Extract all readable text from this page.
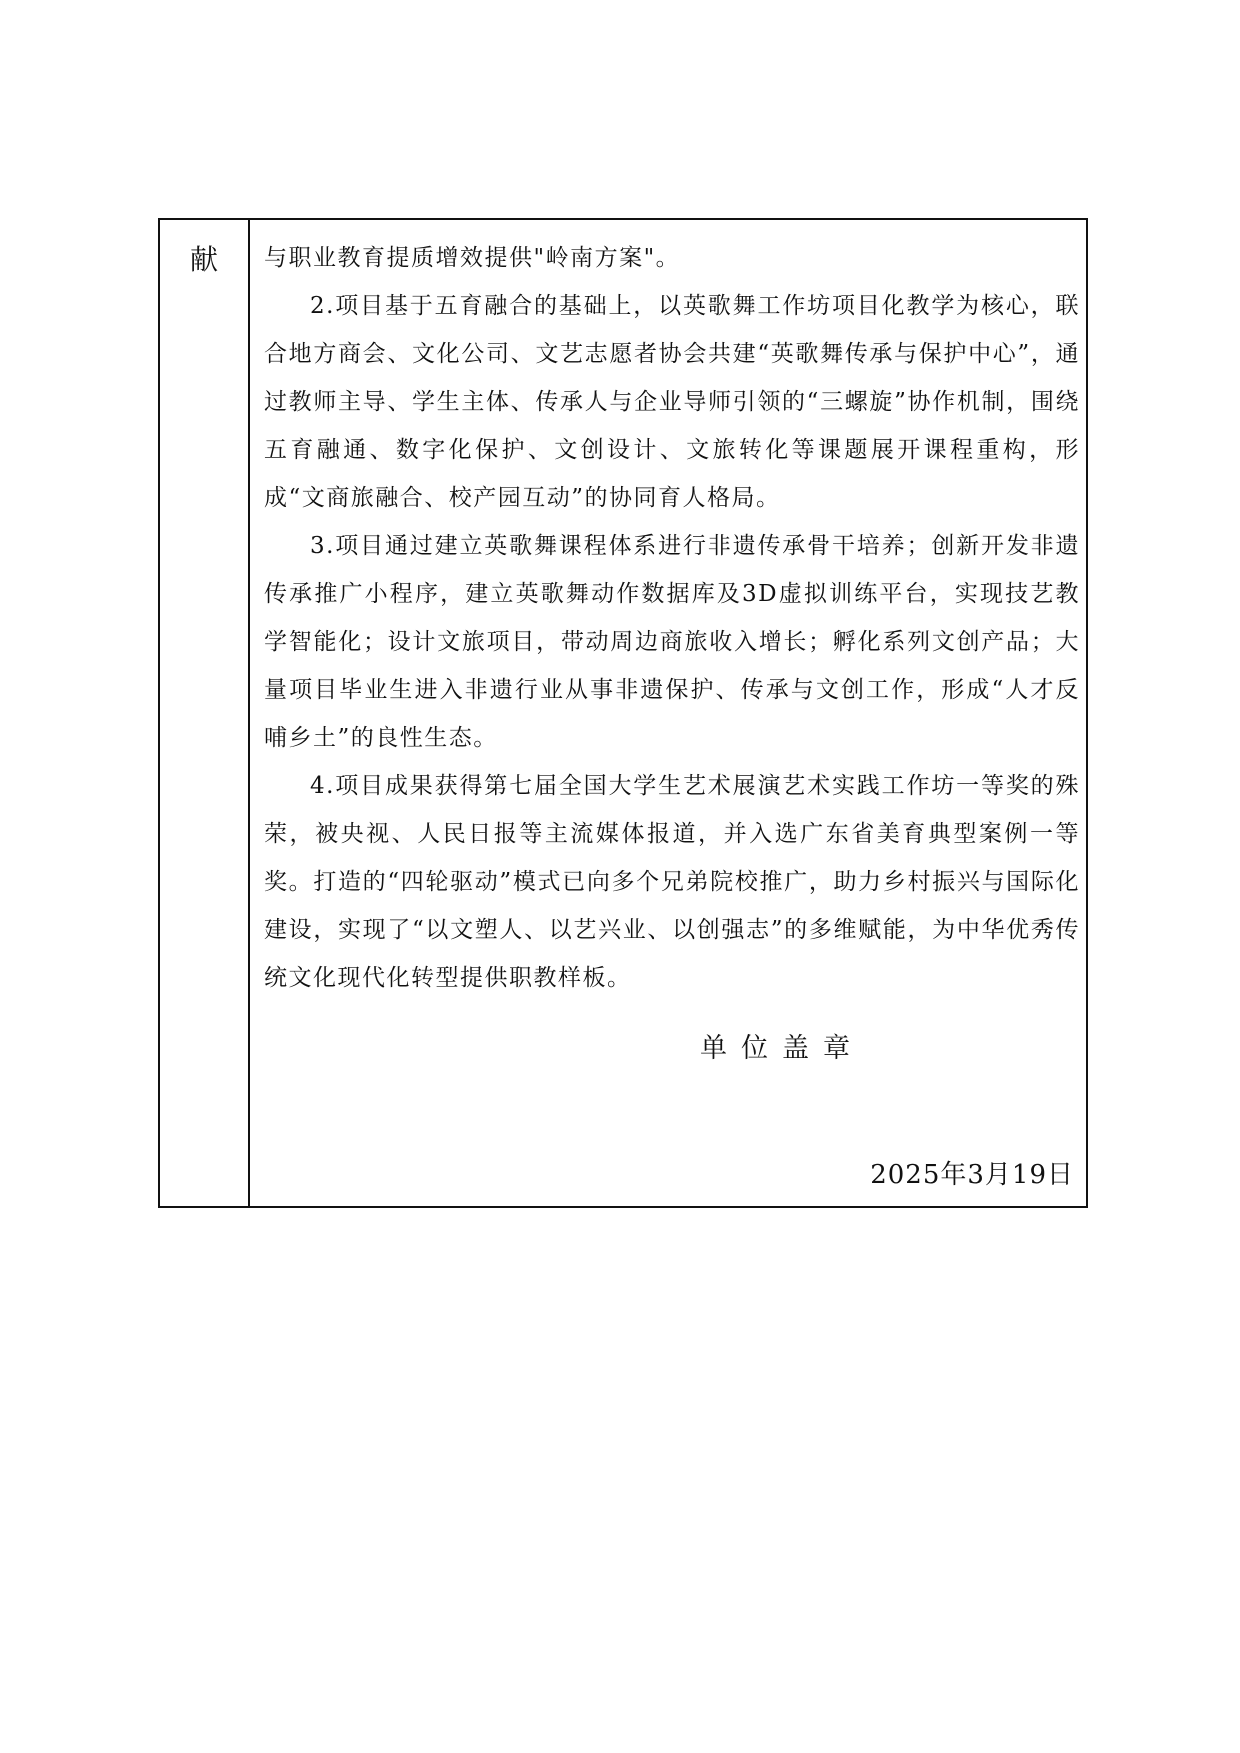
献	与职业教育提质增效提供"岭南方案"。

2.项目基于五育融合的基础上，以英歌舞工作坊项目化教学为核心，联合地方商会、文化公司、文艺志愿者协会共建“英歌舞传承与保护中心”，通过教师主导、学生主体、传承人与企业导师引领的“三螺旋”协作机制，围绕五育融通、数字化保护、文创设计、文旅转化等课题展开课程重构，形成“文商旅融合、校产园互动”的协同育人格局。

3.项目通过建立英歌舞课程体系进行非遗传承骨干培养；创新开发非遗传承推广小程序，建立英歌舞动作数据库及3D虚拟训练平台，实现技艺教学智能化；设计文旅项目，带动周边商旅收入增长；孵化系列文创产品；大量项目毕业生进入非遗行业从事非遗保护、传承与文创工作，形成“人才反哺乡土”的良性生态。

4.项目成果获得第七届全国大学生艺术展演艺术实践工作坊一等奖的殊荣，被央视、人民日报等主流媒体报道，并入选广东省美育典型案例一等奖。打造的“四轮驱动”模式已向多个兄弟院校推广，助力乡村振兴与国际化建设，实现了“以文塑人、以艺兴业、以创强志”的多维赋能，为中华优秀传统文化现代化转型提供职教样板。

单位盖章
2025年3月19日
